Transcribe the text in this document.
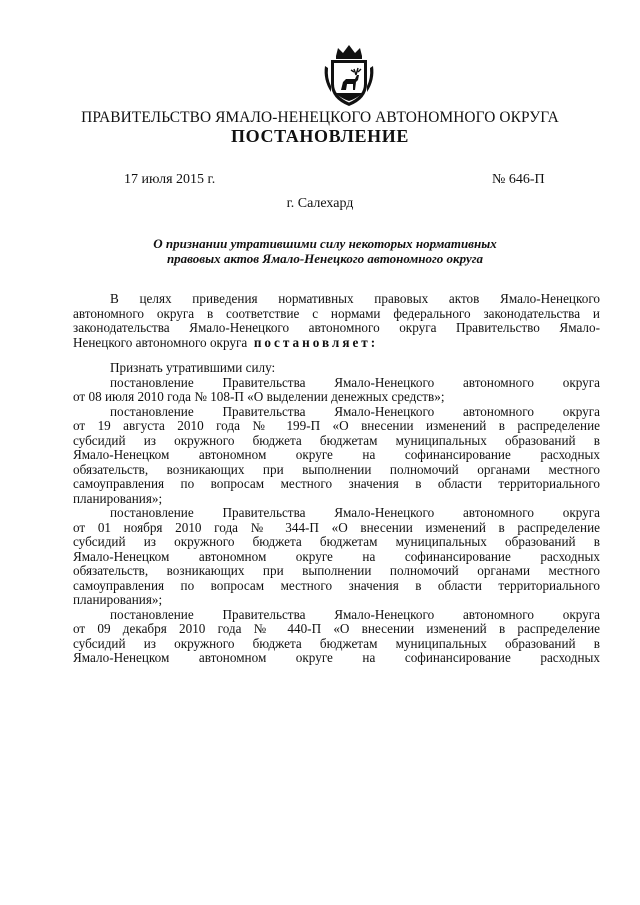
ПРАВИТЕЛЬСТВО ЯМАЛО-НЕНЕЦКОГО АВТОНОМНОГО ОКРУГА
ПОСТАНОВЛЕНИЕ
17 июля 2015 г.	№ 646-П
г. Салехард
О признании утратившими силу некоторых нормативных
правовых актов Ямало-Ненецкого автономного округа

В целях приведения нормативных правовых актов Ямало-Ненецкого
автономного округа в соответствие с нормами федерального законодательства и
законодательства Ямало-Ненецкого автономного округа Правительство Ямало-
Ненецкого автономного округа постановляет:

Признать утратившими силу:

постановление Правительства Ямало-Ненецкого автономного округа
от 08 июля 2010 года № 108-П «О выделении денежных средств»;

постановление Правительства Ямало-Ненецкого автономного округа
от 19 августа 2010 года № 199-П «О внесении изменений в распределение
субсидий из окружного бюджета бюджетам муниципальных образований в
Ямало-Ненецком автономном округе на софинансирование расходных
обязательств, возникающих при выполнении полномочий органами местного
самоуправления по вопросам местного значения в области территориального
планирования»;

постановление Правительства Ямало-Ненецкого автономного округа
от 01 ноября 2010 года № 344-П «О внесении изменений в распределение
субсидий из окружного бюджета бюджетам муниципальных образований в
Ямало-Ненецком автономном округе на софинансирование расходных
обязательств, возникающих при выполнении полномочий органами местного
самоуправления по вопросам местного значения в области территориального
планирования»;

постановление Правительства Ямало-Ненецкого автономного округа
от 09 декабря 2010 года № 440-П «О внесении изменений в распределение
субсидий из окружного бюджета бюджетам муниципальных образований в
Ямало-Ненецком автономном округе на софинансирование расходных
